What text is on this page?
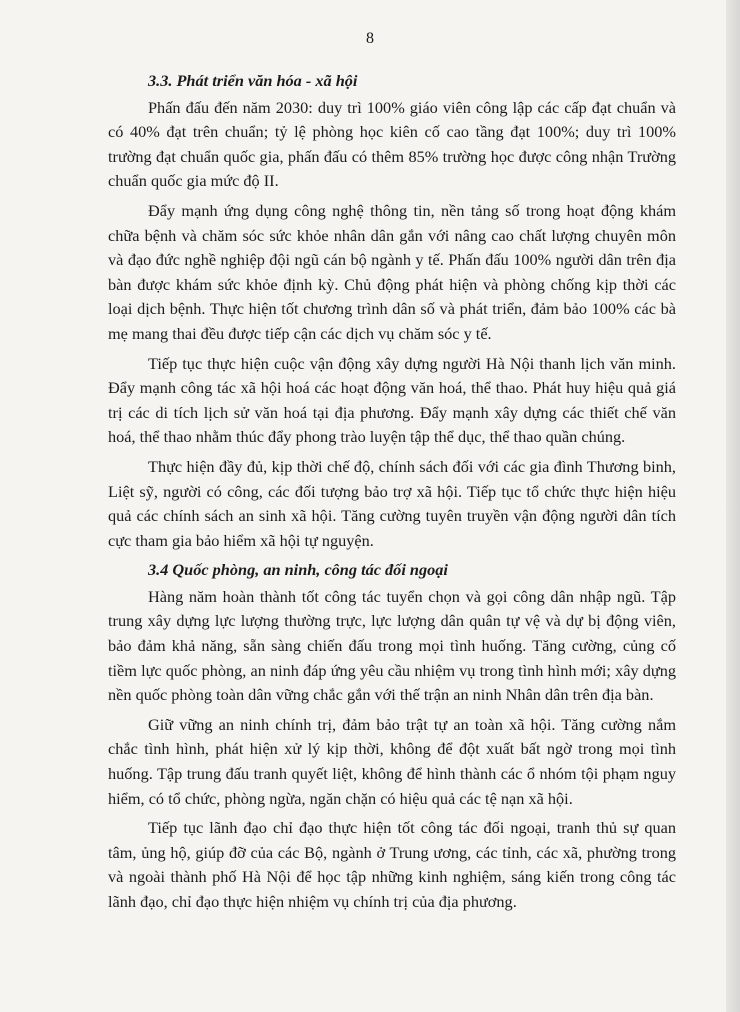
8
3.3. Phát triển văn hóa - xã hội

Phấn đấu đến năm 2030: duy trì 100% giáo viên công lập các cấp đạt chuẩn và có 40% đạt trên chuẩn; tỷ lệ phòng học kiên cố cao tầng đạt 100%; duy trì 100% trường đạt chuẩn quốc gia, phấn đấu có thêm 85% trường học được công nhận Trường chuẩn quốc gia mức độ II.

Đẩy mạnh ứng dụng công nghệ thông tin, nền tảng số trong hoạt động khám chữa bệnh và chăm sóc sức khỏe nhân dân gắn với nâng cao chất lượng chuyên môn và đạo đức nghề nghiệp đội ngũ cán bộ ngành y tế. Phấn đấu 100% người dân trên địa bàn được khám sức khỏe định kỳ. Chủ động phát hiện và phòng chống kịp thời các loại dịch bệnh. Thực hiện tốt chương trình dân số và phát triển, đảm bảo 100% các bà mẹ mang thai đều được tiếp cận các dịch vụ chăm sóc y tế.

Tiếp tục thực hiện cuộc vận động xây dựng người Hà Nội thanh lịch văn minh. Đẩy mạnh công tác xã hội hoá các hoạt động văn hoá, thể thao. Phát huy hiệu quả giá trị các di tích lịch sử văn hoá tại địa phương. Đẩy mạnh xây dựng các thiết chế văn hoá, thể thao nhằm thúc đẩy phong trào luyện tập thể dục, thể thao quần chúng.

Thực hiện đầy đủ, kịp thời chế độ, chính sách đối với các gia đình Thương binh, Liệt sỹ, người có công, các đối tượng bảo trợ xã hội. Tiếp tục tổ chức thực hiện hiệu quả các chính sách an sinh xã hội. Tăng cường tuyên truyền vận động người dân tích cực tham gia bảo hiểm xã hội tự nguyện.

3.4 Quốc phòng, an ninh, công tác đối ngoại

Hàng năm hoàn thành tốt công tác tuyển chọn và gọi công dân nhập ngũ. Tập trung xây dựng lực lượng thường trực, lực lượng dân quân tự vệ và dự bị động viên, bảo đảm khả năng, sẵn sàng chiến đấu trong mọi tình huống. Tăng cường, củng cố tiềm lực quốc phòng, an ninh đáp ứng yêu cầu nhiệm vụ trong tình hình mới; xây dựng nền quốc phòng toàn dân vững chắc gắn với thế trận an ninh Nhân dân trên địa bàn.

Giữ vững an ninh chính trị, đảm bảo trật tự an toàn xã hội. Tăng cường nắm chắc tình hình, phát hiện xử lý kịp thời, không để đột xuất bất ngờ trong mọi tình huống. Tập trung đấu tranh quyết liệt, không để hình thành các ổ nhóm tội phạm nguy hiểm, có tổ chức, phòng ngừa, ngăn chặn có hiệu quả các tệ nạn xã hội.

Tiếp tục lãnh đạo chỉ đạo thực hiện tốt công tác đối ngoại, tranh thủ sự quan tâm, ủng hộ, giúp đỡ của các Bộ, ngành ở Trung ương, các tỉnh, các xã, phường trong và ngoài thành phố Hà Nội để học tập những kinh nghiệm, sáng kiến trong công tác lãnh đạo, chỉ đạo thực hiện nhiệm vụ chính trị của địa phương.
